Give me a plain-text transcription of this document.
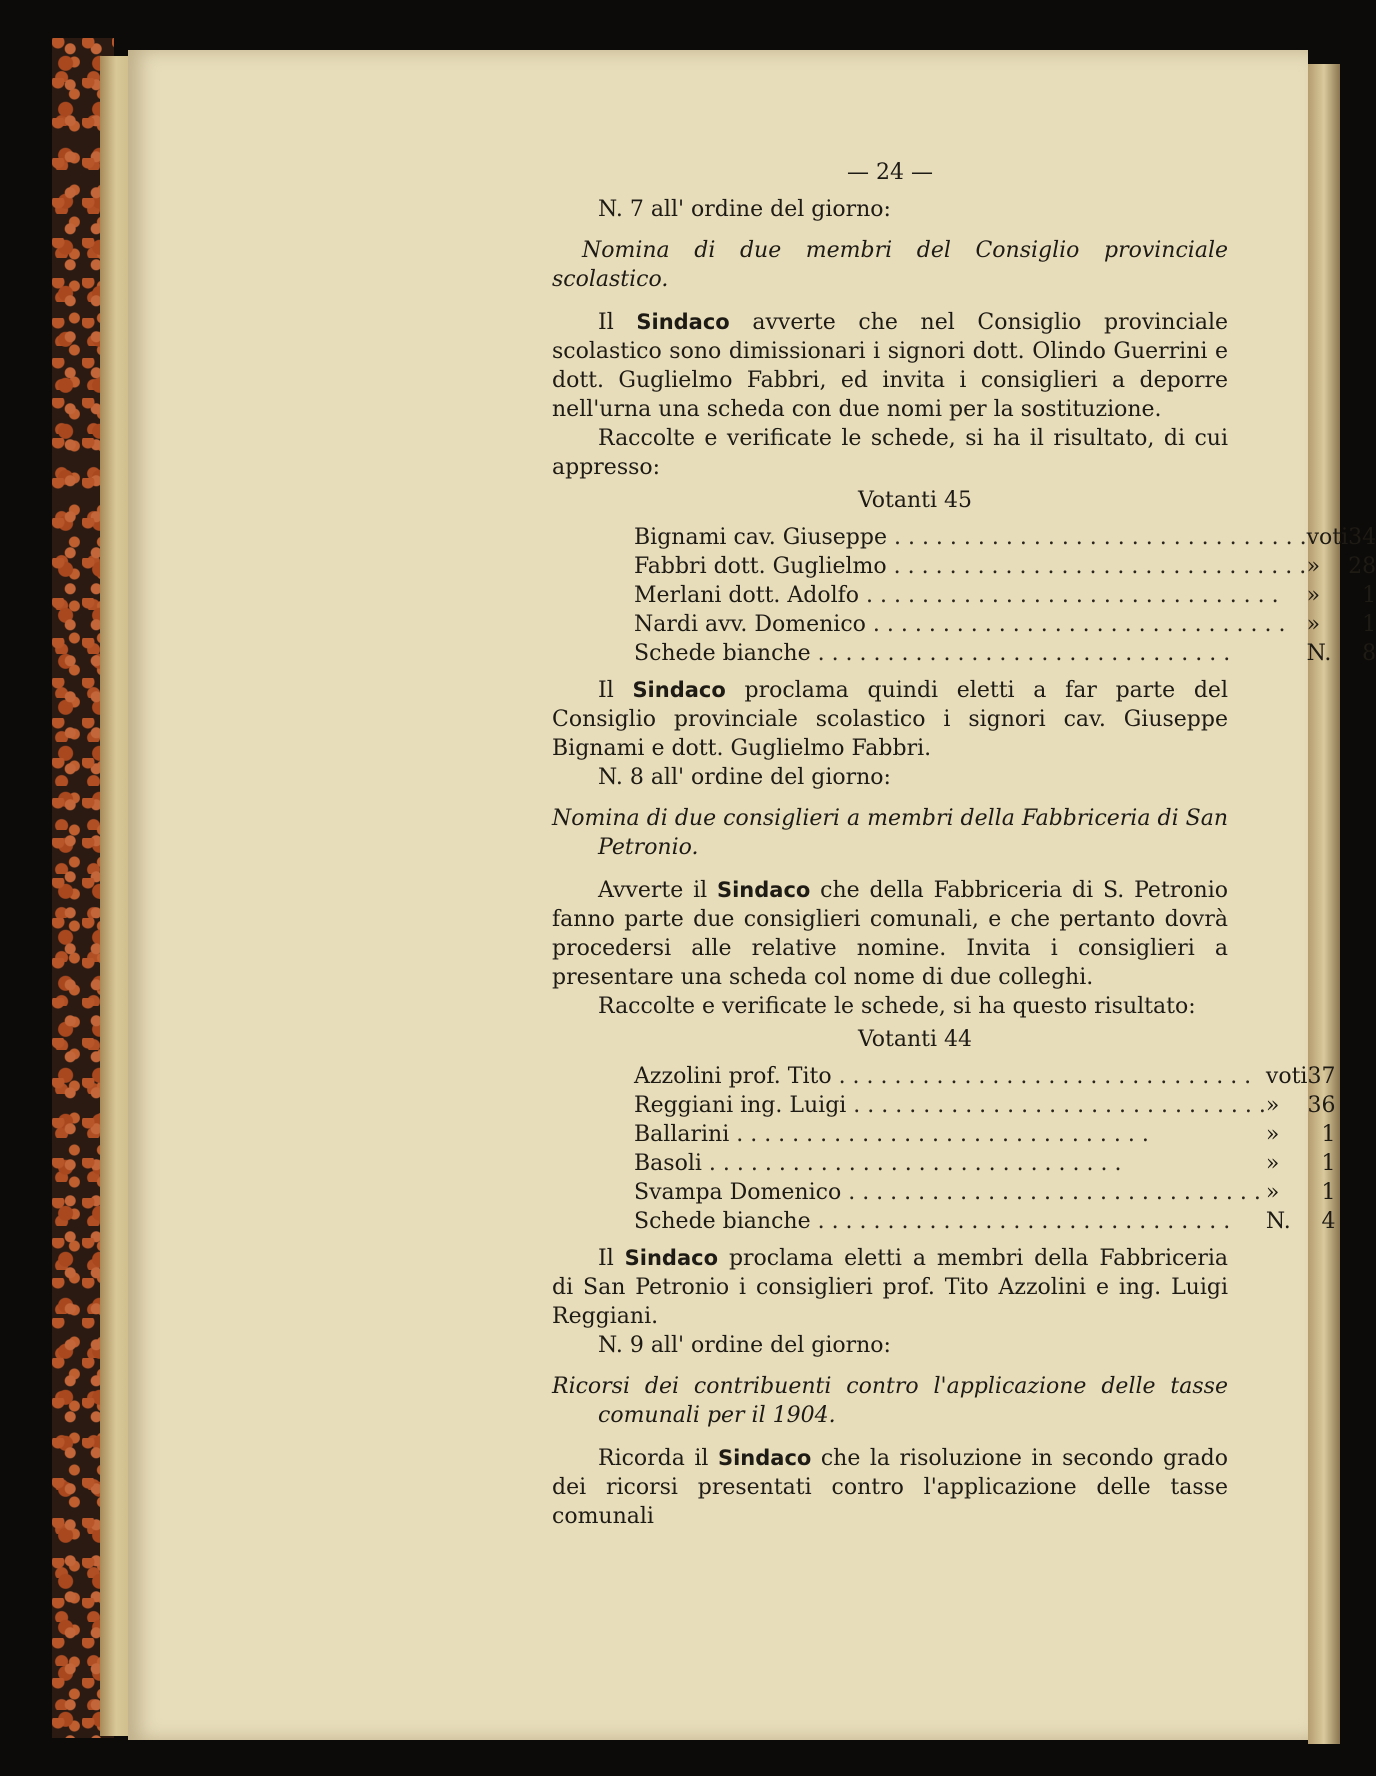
— 24 —

N. 7 all' ordine del giorno:

Nomina di due membri del Consiglio provinciale scolastico.

Il Sindaco avverte che nel Consiglio provinciale scolastico sono dimissionari i signori dott. Olindo Guerrini e dott. Guglielmo Fabbri, ed invita i consiglieri a deporre nell'urna una scheda con due nomi per la sostituzione.

Raccolte e verificate le schede, si ha il risultato, di cui appresso:

Votanti 45
Bignami cav. Giuseppe . . . . . . . . . . . . . . . . . . . . . . . . . . . . . .	voti	34
Fabbri dott. Guglielmo . . . . . . . . . . . . . . . . . . . . . . . . . . . . . .	»	28
Merlani dott. Adolfo . . . . . . . . . . . . . . . . . . . . . . . . . . . . . .	»	1
Nardi avv. Domenico . . . . . . . . . . . . . . . . . . . . . . . . . . . . . .	»	1
Schede bianche . . . . . . . . . . . . . . . . . . . . . . . . . . . . . .	N.	8

Il Sindaco proclama quindi eletti a far parte del Consiglio provinciale scolastico i signori cav. Giuseppe Bignami e dott. Guglielmo Fabbri.

N. 8 all' ordine del giorno:

Nomina di due consiglieri a membri della Fabbriceria di San Petronio.

Avverte il Sindaco che della Fabbriceria di S. Petronio fanno parte due consiglieri comunali, e che pertanto dovrà procedersi alle relative nomine. Invita i consiglieri a presentare una scheda col nome di due colleghi.

Raccolte e verificate le schede, si ha questo risultato:

Votanti 44
Azzolini prof. Tito . . . . . . . . . . . . . . . . . . . . . . . . . . . . . .	voti	37
Reggiani ing. Luigi . . . . . . . . . . . . . . . . . . . . . . . . . . . . . .	»	36
Ballarini . . . . . . . . . . . . . . . . . . . . . . . . . . . . . .	»	1
Basoli . . . . . . . . . . . . . . . . . . . . . . . . . . . . . .	»	1
Svampa Domenico . . . . . . . . . . . . . . . . . . . . . . . . . . . . . .	»	1
Schede bianche . . . . . . . . . . . . . . . . . . . . . . . . . . . . . .	N.	4

Il Sindaco proclama eletti a membri della Fabbriceria di San Petronio i consiglieri prof. Tito Azzolini e ing. Luigi Reggiani.

N. 9 all' ordine del giorno:

Ricorsi dei contribuenti contro l'applicazione delle tasse comunali per il 1904.

Ricorda il Sindaco che la risoluzione in secondo grado dei ricorsi presentati contro l'applicazione delle tasse comunali
